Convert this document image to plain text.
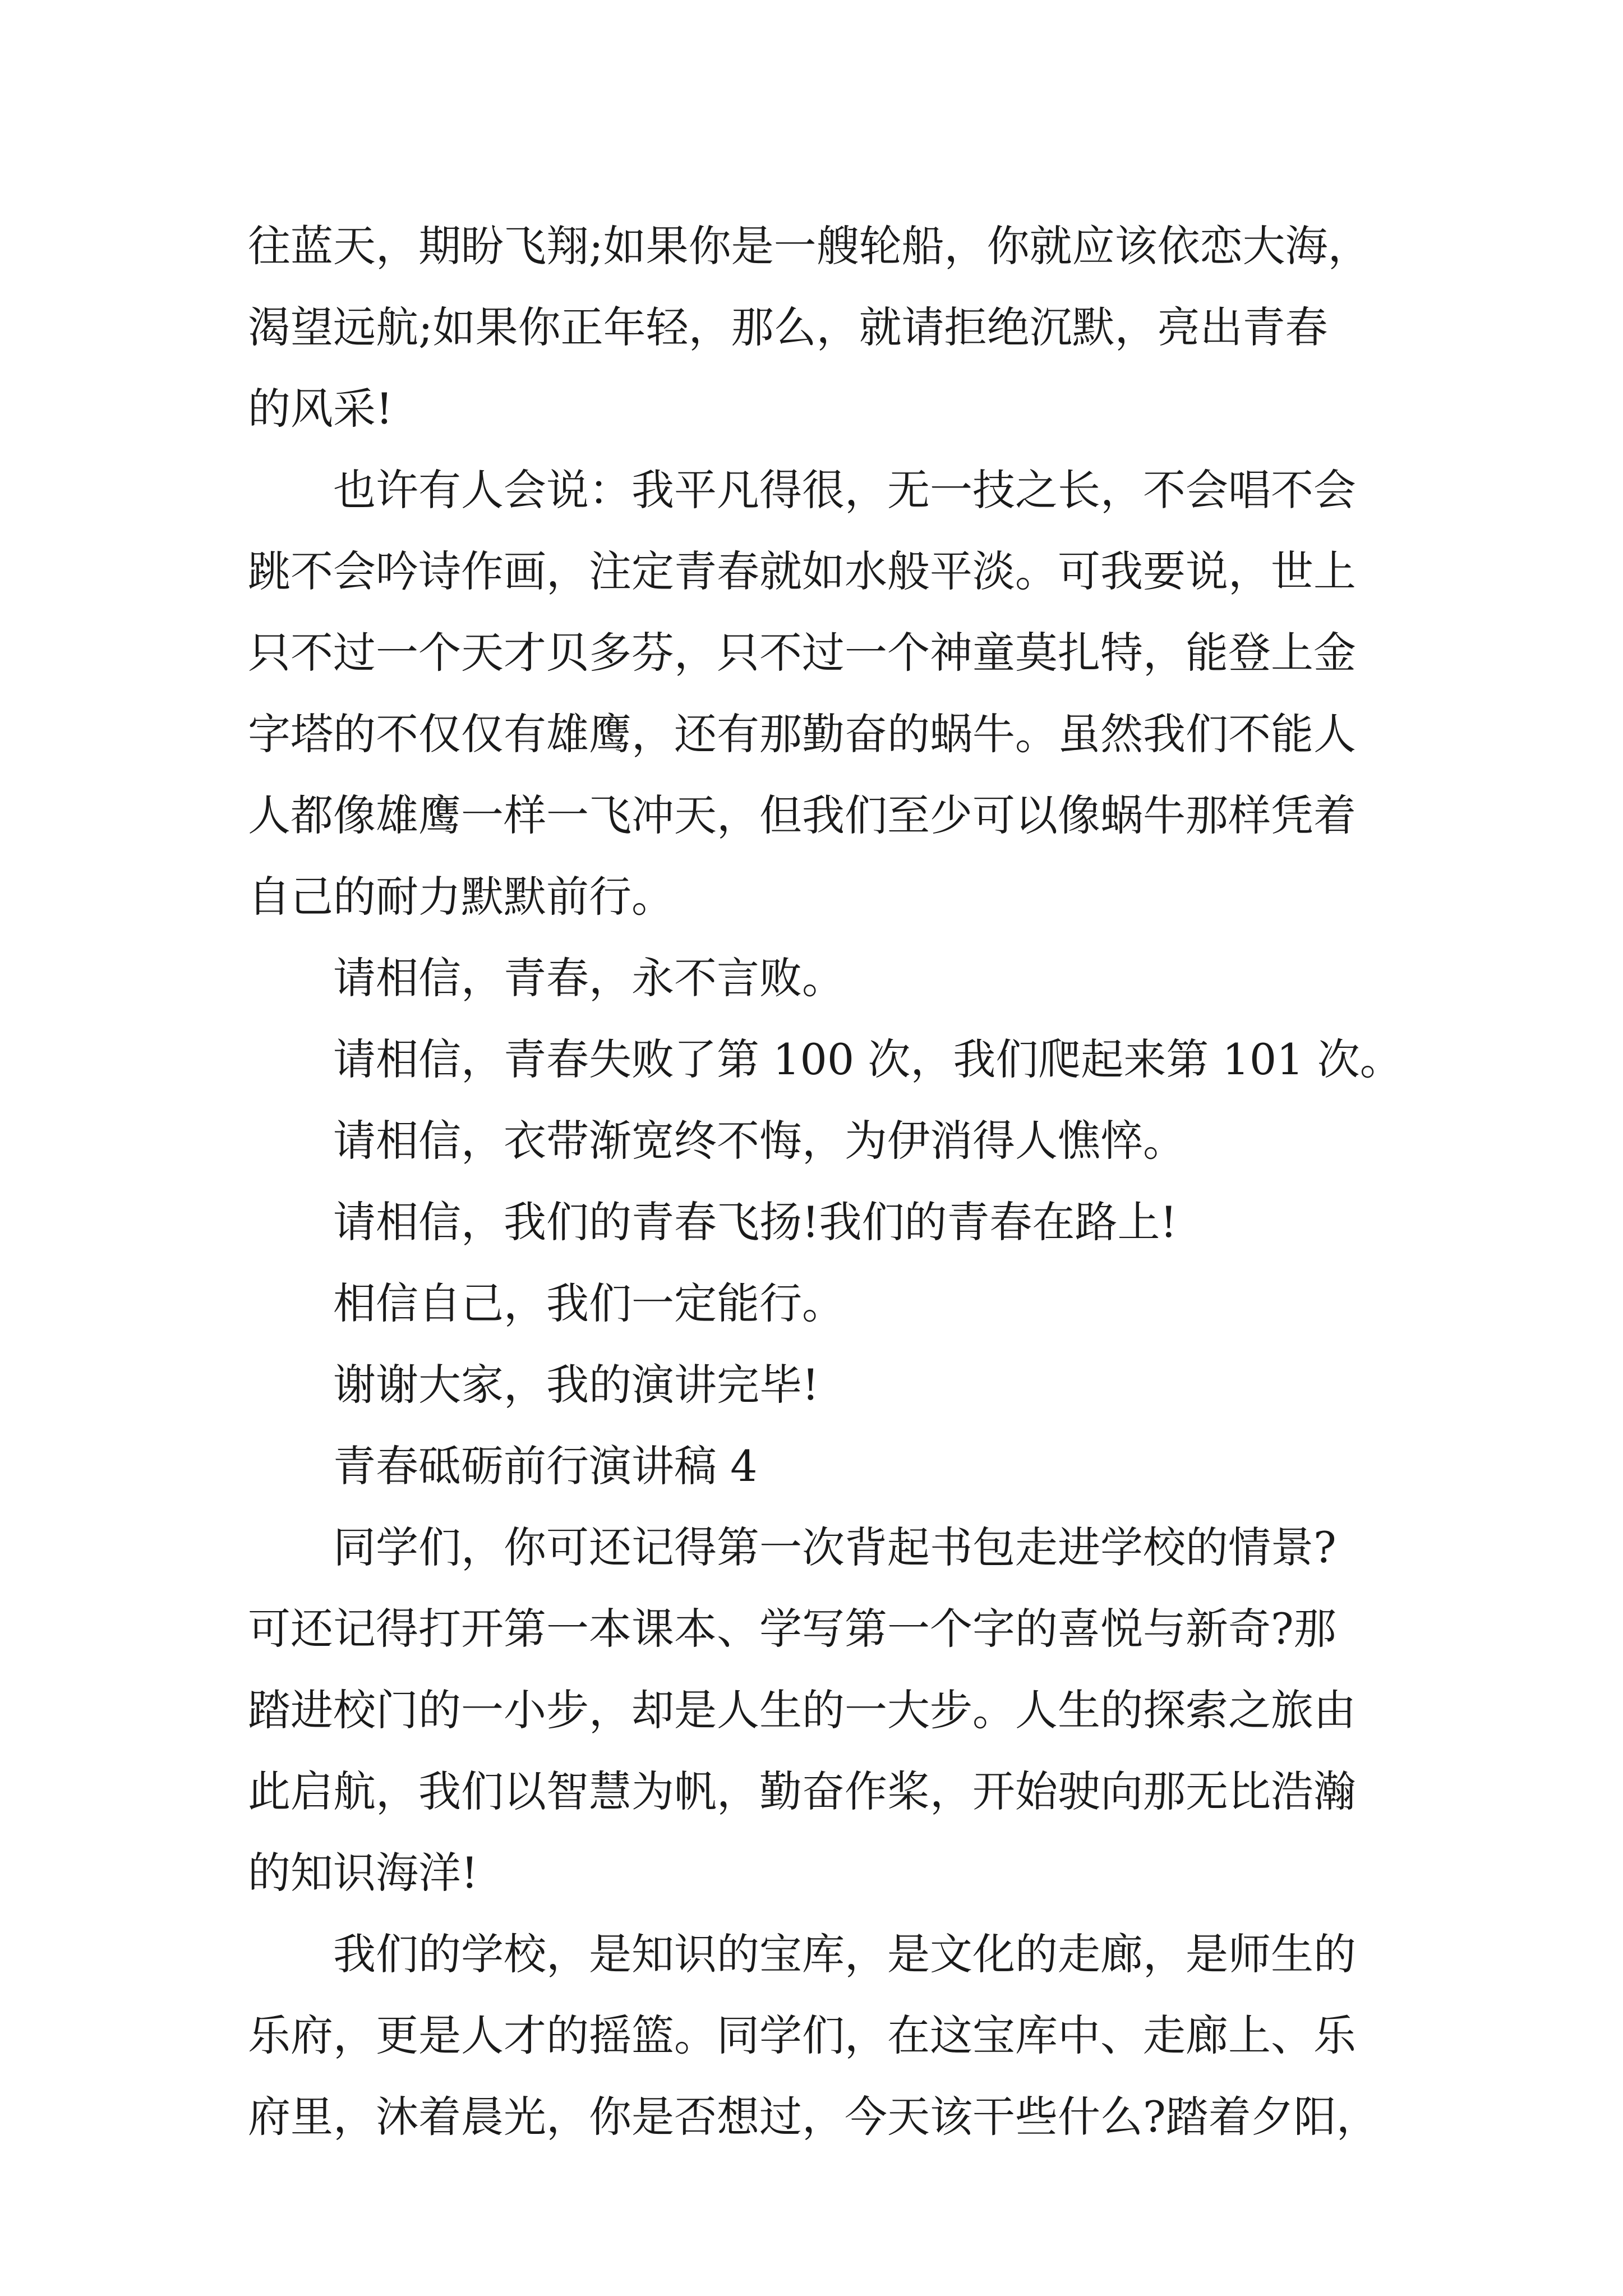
往蓝天，期盼飞翔;如果你是一艘轮船，你就应该依恋大海，
渴望远航;如果你正年轻，那么，就请拒绝沉默，亮出青春
的风采!
也许有人会说：我平凡得很，无一技之长，不会唱不会
跳不会吟诗作画，注定青春就如水般平淡。可我要说，世上
只不过一个天才贝多芬，只不过一个神童莫扎特，能登上金
字塔的不仅仅有雄鹰，还有那勤奋的蜗牛。虽然我们不能人
人都像雄鹰一样一飞冲天，但我们至少可以像蜗牛那样凭着
自己的耐力默默前行。
请相信，青春，永不言败。
请相信，青春失败了第 100 次，我们爬起来第 101 次。
请相信，衣带渐宽终不悔，为伊消得人憔悴。
请相信，我们的青春飞扬!我们的青春在路上!
相信自己，我们一定能行。
谢谢大家，我的演讲完毕!
青春砥砺前行演讲稿 4
同学们，你可还记得第一次背起书包走进学校的情景?
可还记得打开第一本课本、学写第一个字的喜悦与新奇?那
踏进校门的一小步，却是人生的一大步。人生的探索之旅由
此启航，我们以智慧为帆，勤奋作桨，开始驶向那无比浩瀚
的知识海洋!
我们的学校，是知识的宝库，是文化的走廊，是师生的
乐府，更是人才的摇篮。同学们，在这宝库中、走廊上、乐
府里，沐着晨光，你是否想过，今天该干些什么?踏着夕阳，
